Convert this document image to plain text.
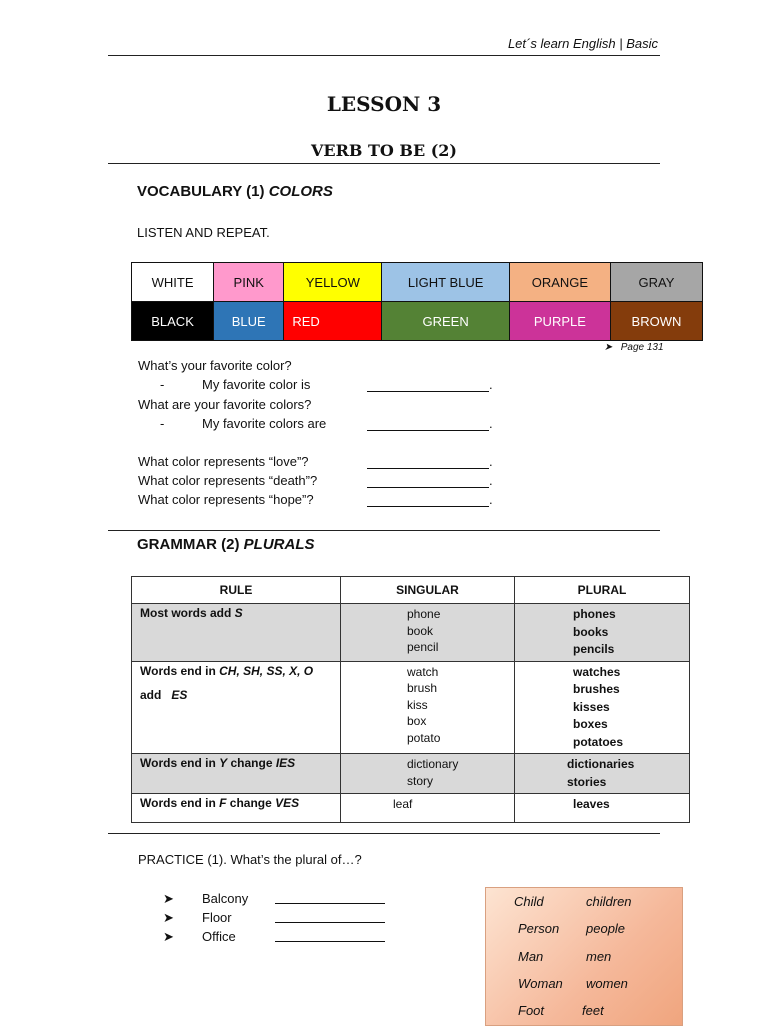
Let´s learn English | Basic
LESSON 3
VERB TO BE (2)
VOCABULARY (1) COLORS
LISTEN AND REPEAT.
WHITE	PINK	YELLOW	LIGHT BLUE	ORANGE	GRAY
BLACK	BLUE	RED	GREEN	PURPLE	BROWN
➤ Page 131
What’s your favorite color?
-	My favorite color is	.
What are your favorite colors?
-	My favorite colors are	.
What color represents “love”?	.
What color represents “death”?	.
What color represents “hope”?	.
GRAMMAR (2) PLURALS
RULE	SINGULAR	PLURAL
Most words add S	phone
book
pencil	phones
books
pencils

Words end in CH, SH, SS, X, O
add   ES	watch
brush
kiss
box
potato	watches
brushes
kisses
boxes
potatoes

Words end in Y change IES	dictionary
story	dictionaries
stories

Words end in F change VES	leaf	leaves
PRACTICE (1). What’s the plural of…?
➤ Balcony
➤ Floor
➤ Office
Child	children
Person people
Man	men
Woman women
Foot	feet
